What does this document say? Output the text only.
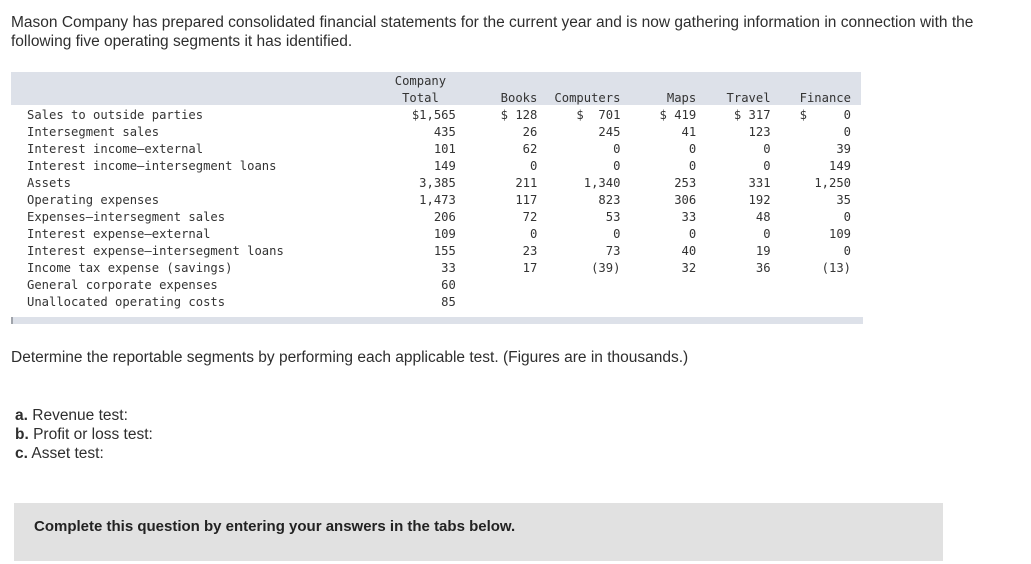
Mason Company has prepared consolidated financial statements for the current year and is now gathering information in connection with the following five operating segments it has identified.

	Company
Total	Books	Computers	Maps	Travel	Finance
Sales to outside parties	$1,565	$ 128	$  701	$ 419	$ 317	$     0
Intersegment sales	435	26	245	41	123	0
Interest income—external	101	62	0	0	0	39
Interest income—intersegment loans	149	0	0	0	0	149
Assets	3,385	211	1,340	253	331	1,250
Operating expenses	1,473	117	823	306	192	35
Expenses—intersegment sales	206	72	53	33	48	0
Interest expense—external	109	0	0	0	0	109
Interest expense—intersegment loans	155	23	73	40	19	0
Income tax expense (savings)	33	17	(39)	32	36	(13)
General corporate expenses	60					
Unallocated operating costs	85					
Determine the reportable segments by performing each applicable test. (Figures are in thousands.)
a. Revenue test:
b. Profit or loss test:
c. Asset test:
Complete this question by entering your answers in the tabs below.
